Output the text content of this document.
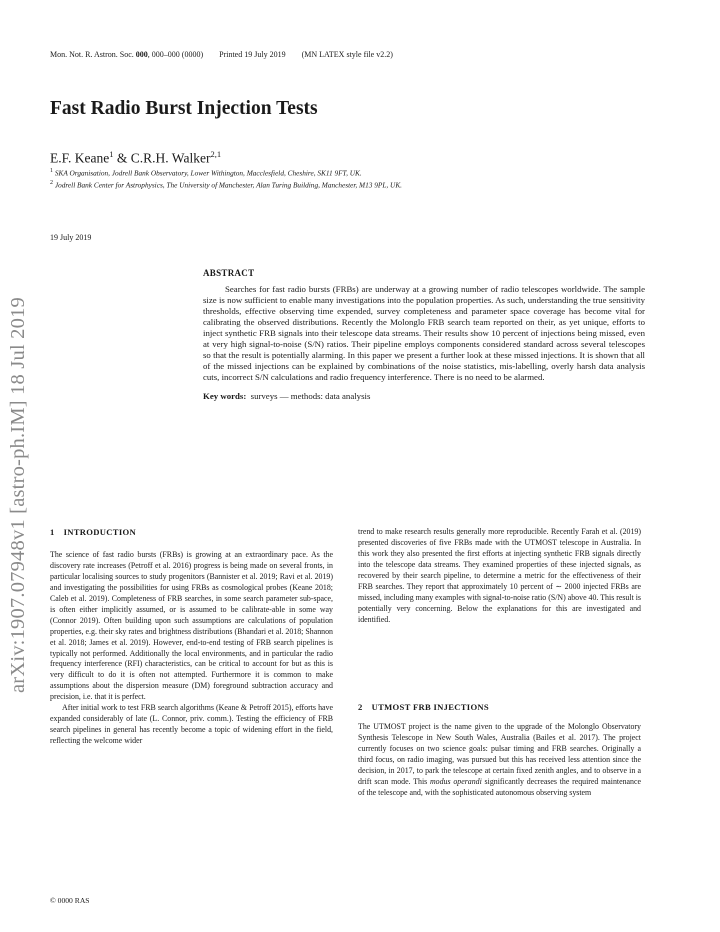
arXiv:1907.07948v1 [astro-ph.IM] 18 Jul 2019
Mon. Not. R. Astron. Soc. 000, 000–000 (0000) Printed 19 July 2019 (MN LATEX style file v2.2)
Fast Radio Burst Injection Tests
E.F. Keane$^1$ & C.R.H. Walker$^{2,1}$
$^1$ SKA Organisation, Jodrell Bank Observatory, Lower Withington, Macclesfield, Cheshire, SK11 9FT, UK.
$^2$ Jodrell Bank Center for Astrophysics, The University of Manchester, Alan Turing Building, Manchester, M13 9PL, UK.
19 July 2019
ABSTRACT

Searches for fast radio bursts (FRBs) are underway at a growing number of radio telescopes worldwide. The sample size is now sufficient to enable many investigations into the population properties. As such, understanding the true sensitivity thresholds, effective observing time expended, survey completeness and parameter space coverage has become vital for calibrating the observed distributions. Recently the Molonglo FRB search team reported on their, as yet unique, efforts to inject synthetic FRB signals into their telescope data streams. Their results show 10 percent of injections being missed, even at very high signal-to-noise (S/N) ratios. Their pipeline employs components considered standard across several telescopes so that the result is potentially alarming. In this paper we present a further look at these missed injections. It is shown that all of the missed injections can be explained by combinations of the noise statistics, mis-labelling, overly harsh data analysis cuts, incorrect S/N calculations and radio frequency interference. There is no need to be alarmed.

Key words: surveys — methods: data analysis
1 INTRODUCTION

The science of fast radio bursts (FRBs) is growing at an extraordinary pace. As the discovery rate increases (Petroff et al. 2016) progress is being made on several fronts, in particular localising sources to study progenitors (Bannister et al. 2019; Ravi et al. 2019) and investigating the possibilities for using FRBs as cosmological probes (Keane 2018; Caleb et al. 2019). Completeness of FRB searches, in some search parameter sub-space, is often either implicitly assumed, or is assumed to be calibrate-able in some way (Connor 2019). Often building upon such assumptions are calculations of population properties, e.g. their sky rates and brightness distributions (Bhandari et al. 2018; Shannon et al. 2018; James et al. 2019). However, end-to-end testing of FRB search pipelines is typically not performed. Additionally the local environments, and in particular the radio frequency interference (RFI) characteristics, can be critical to account for but as this is very difficult to do it is often not attempted. Furthermore it is common to make assumptions about the dispersion measure (DM) foreground subtraction accuracy and precision, i.e. that it is perfect.

After initial work to test FRB search algorithms (Keane & Petroff 2015), efforts have expanded considerably of late (L. Connor, priv. comm.). Testing the efficiency of FRB search pipelines in general has recently become a topic of widening effort in the field, reflecting the welcome wider

trend to make research results generally more reproducible. Recently Farah et al. (2019) presented discoveries of five FRBs made with the UTMOST telescope in Australia. In this work they also presented the first efforts at injecting synthetic FRB signals directly into the telescope data streams. They examined properties of these injected signals, as recovered by their search pipeline, to determine a metric for the effectiveness of their FRB searches. They report that approximately 10 percent of ∼ 2000 injected FRBs are missed, including many examples with signal-to-noise ratio (S/N) above 40. This result is potentially very concerning. Below the explanations for this are investigated and identified.

2 UTMOST FRB INJECTIONS

The UTMOST project is the name given to the upgrade of the Molonglo Observatory Synthesis Telescope in New South Wales, Australia (Bailes et al. 2017). The project currently focuses on two science goals: pulsar timing and FRB searches. Originally a third focus, on radio imaging, was pursued but this has received less attention since the decision, in 2017, to park the telescope at certain fixed zenith angles, and to observe in a drift scan mode. This modus operandi significantly decreases the required maintenance of the telescope and, with the sophisticated autonomous observing system

© 0000 RAS
